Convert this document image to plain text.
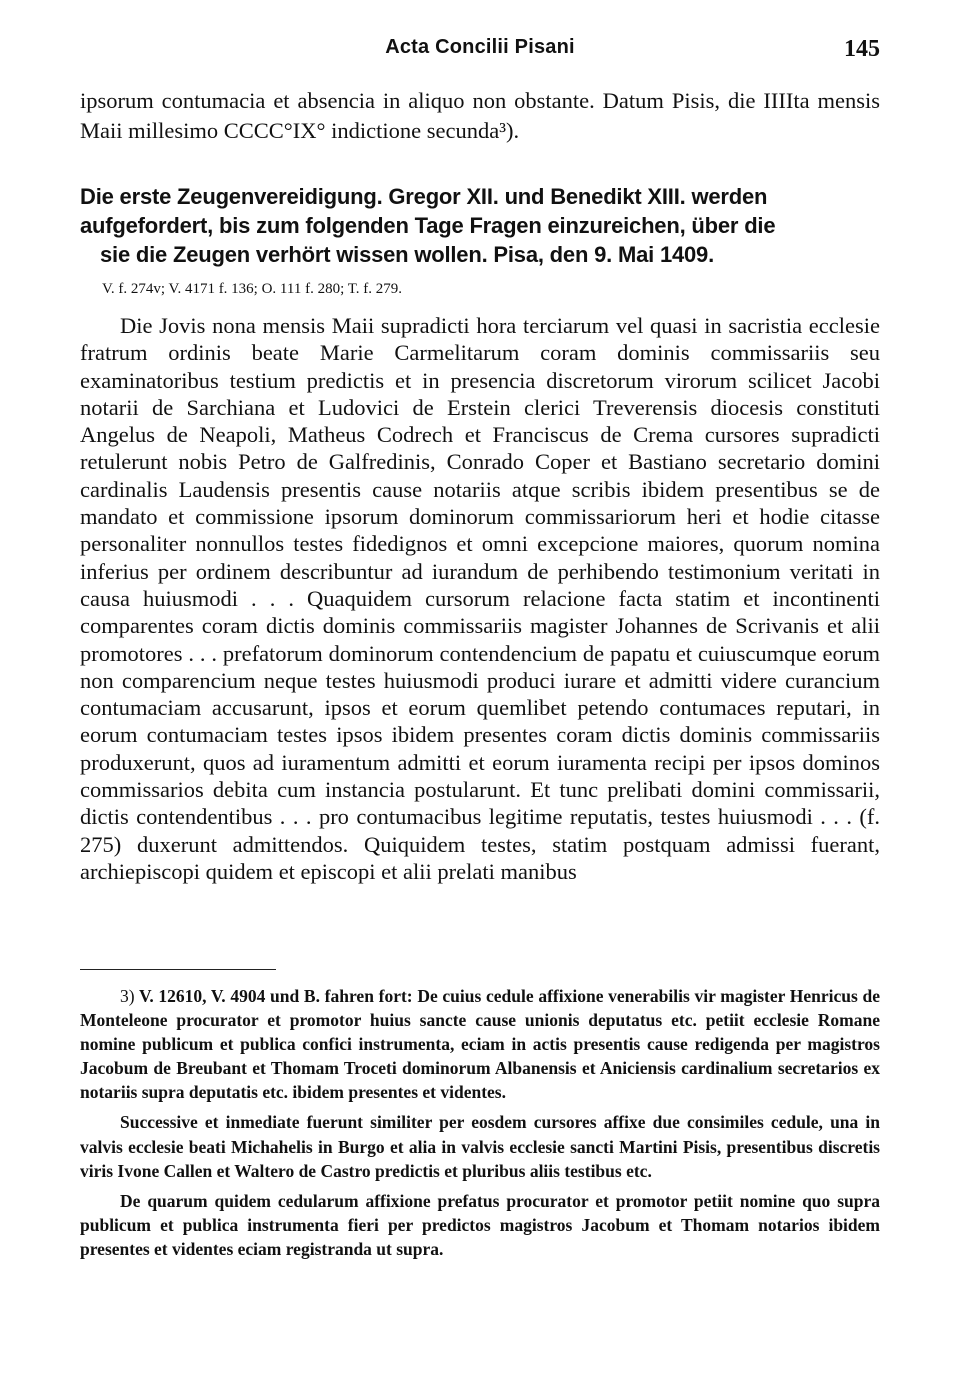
Acta Concilii Pisani	145

ipsorum contumacia et absencia in aliquo non obstante. Datum Pisis, die IIIIta mensis Maii millesimo CCCC°IX° indictione secunda³).

Die erste Zeugenvereidigung. Gregor XII. und Benedikt XIII. werden
aufgefordert, bis zum folgenden Tage Fragen einzureichen, über die
sie die Zeugen verhört wissen wollen. Pisa, den 9. Mai 1409.
V. f. 274v; V. 4171 f. 136; O. 111 f. 280; T. f. 279.

Die Jovis nona mensis Maii supradicti hora terciarum vel quasi in sacristia ecclesie fratrum ordinis beate Marie Carmelitarum coram dominis commissariis seu examinatoribus testium predictis et in presencia discretorum virorum scilicet Jacobi notarii de Sarchiana et Ludovici de Erstein clerici Treverensis diocesis constituti Angelus de Neapoli, Matheus Codrech et Franciscus de Crema cursores supradicti retulerunt nobis Petro de Galfredinis, Conrado Coper et Bastiano secretario domini cardinalis Laudensis presentis cause notariis atque scribis ibidem presentibus se de mandato et commissione ipsorum dominorum commissariorum heri et hodie citasse personaliter nonnullos testes fidedignos et omni excepcione maiores, quorum nomina inferius per ordinem describuntur ad iurandum de perhibendo testimonium veritati in causa huiusmodi . . . Quaquidem cursorum relacione facta statim et incontinenti comparentes coram dictis dominis commissariis magister Johannes de Scrivanis et alii promotores . . . prefatorum dominorum contendencium de papatu et cuiuscumque eorum non comparencium neque testes huiusmodi produci iurare et admitti videre curancium contumaciam accusarunt, ipsos et eorum quemlibet petendo contumaces reputari, in eorum contumaciam testes ipsos ibidem presentes coram dictis dominis commissariis produxerunt, quos ad iuramentum admitti et eorum iuramenta recipi per ipsos dominos commissarios debita cum instancia postularunt. Et tunc prelibati domini commissarii, dictis contendentibus . . . pro contumacibus legitime reputatis, testes huiusmodi . . . (f. 275) duxerunt admittendos. Quiquidem testes, statim postquam admissi fuerant, archiepiscopi quidem et episcopi et alii prelati manibus

3) V. 12610, V. 4904 und B. fahren fort: De cuius cedule affixione venerabilis vir magister Henricus de Monteleone procurator et promotor huius sancte cause unionis deputatus etc. petiit ecclesie Romane nomine publicum et publica confici instrumenta, eciam in actis presentis cause redigenda per magistros Jacobum de Breubant et Thomam Troceti dominorum Albanensis et Aniciensis cardinalium secretarios ex notariis supra deputatis etc. ibidem presentes et videntes.

Successive et inmediate fuerunt similiter per eosdem cursores affixe due consimiles cedule, una in valvis ecclesie beati Michahelis in Burgo et alia in valvis ecclesie sancti Martini Pisis, presentibus discretis viris Ivone Callen et Waltero de Castro predictis et pluribus aliis testibus etc.

De quarum quidem cedularum affixione prefatus procurator et promotor petiit nomine quo supra publicum et publica instrumenta fieri per predictos magistros Jacobum et Thomam notarios ibidem presentes et videntes eciam registranda ut supra.
